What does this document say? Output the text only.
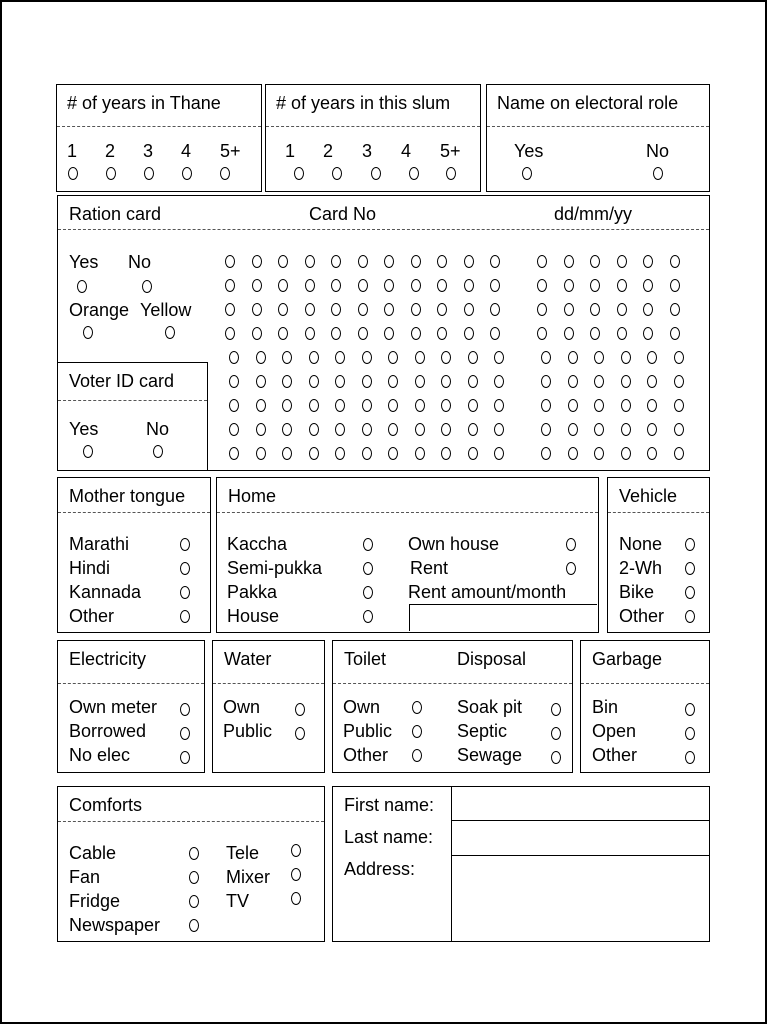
# of years in Thane
1 2 3 4 5+
# of years in this slum
1 2 3 4 5+
Name on electoral role
Yes	No
Ration card	Card No	dd/mm/yy
Yes No
Orange Yellow
Voter ID card
Yes	No
Mother tongue
Marathi
Hindi
Kannada
Other
Home
Kaccha
Semi-pukka
Pakka
House
Own house
Rent
Rent amount/month
Vehicle
None
2-Wh
Bike
Other
Electricity
Own meter
Borrowed
No elec
Water
Own
Public
Toilet	Disposal
Own
Public
Other
Soak pit
Septic
Sewage
Garbage
Bin
Open
Other
Comforts
Cable
Fan
Fridge
Newspaper
Tele
Mixer
TV
First name:
Last name:
Address:
